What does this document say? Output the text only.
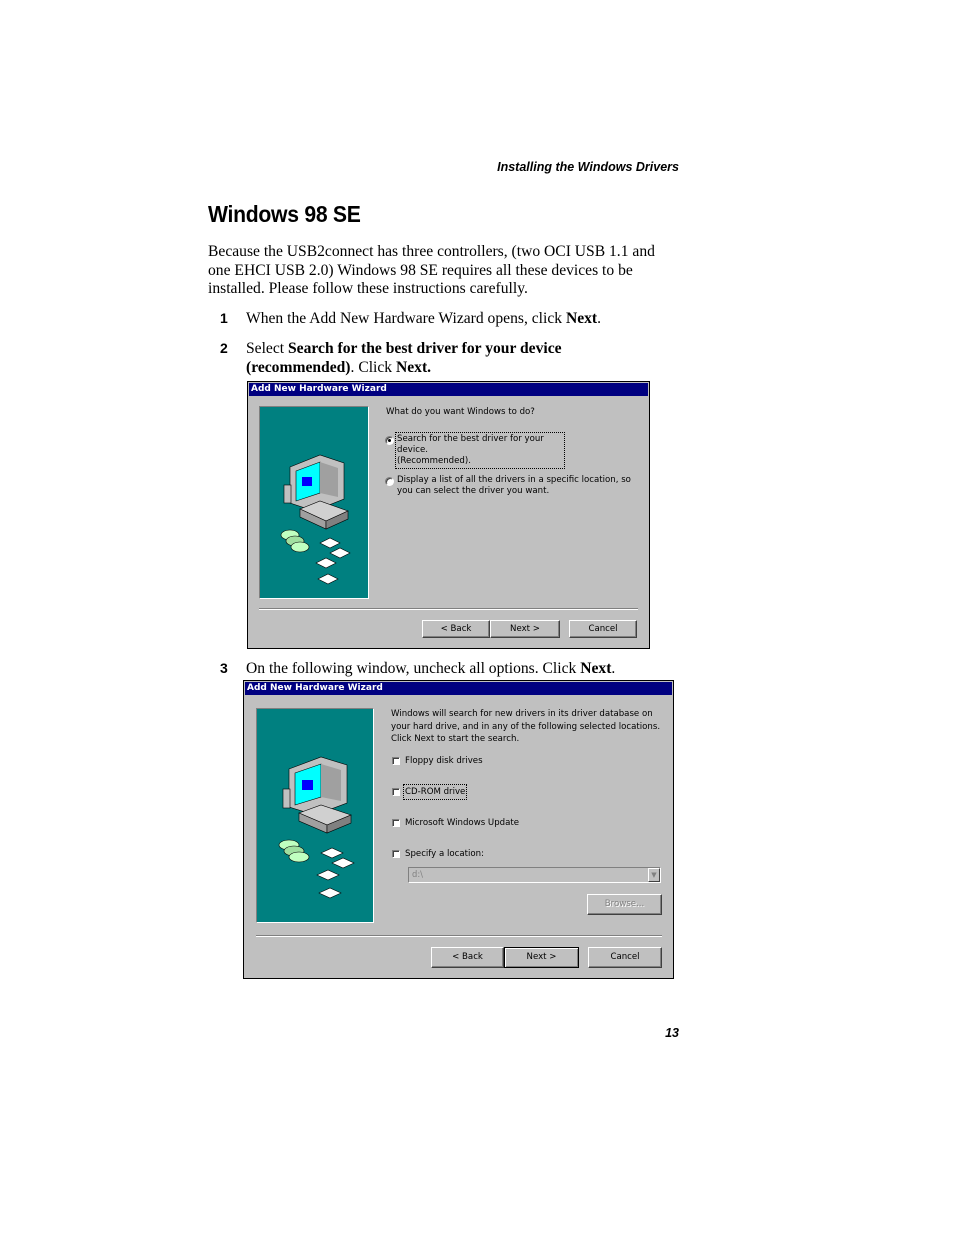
Installing the Windows Drivers
Windows 98 SE

Because the USB2connect has three controllers, (two OCI USB 1.1 and one EHCI USB 2.0) Windows 98 SE requires all these devices to be installed. Please follow these instructions carefully.

1 When the Add New Hardware Wizard opens, click Next.
2 Select Search for the best driver for your device (recommended). Click Next.
Add New Hardware Wizard
What do you want Windows to do?
Search for the best driver for your device.
(Recommended).
Display a list of all the drivers in a specific location, so
you can select the driver you want.
< Back	Next >	Cancel
3 On the following window, uncheck all options. Click Next.
Add New Hardware Wizard
Windows will search for new drivers in its driver database on
your hard drive, and in any of the following selected locations.
Click Next to start the search.
Floppy disk drives
CD-ROM drive
Microsoft Windows Update
Specify a location:
d:\	▼
Browse...
< Back	Next >	Cancel
13
